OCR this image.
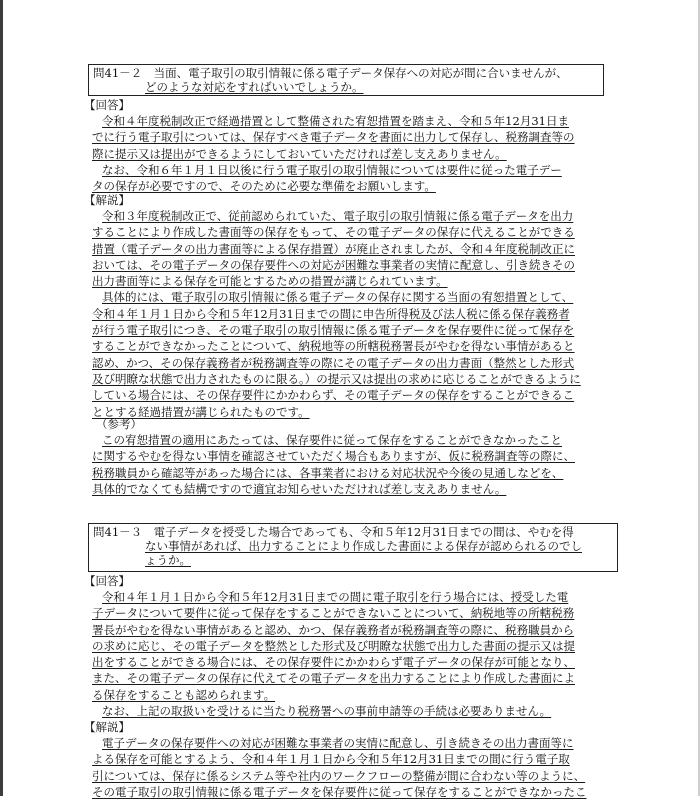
問41－２　当面、電子取引の取引情報に係る電子データ保存への対応が間に合いませんが、
どのような対応をすればいいでしょうか。
【回答】
令和４年度税制改正で経過措置として整備された宥恕措置を踏まえ、令和５年12月31日ま
でに行う電子取引については、保存すべき電子データを書面に出力して保存し、税務調査等の
際に提示又は提出ができるようにしておいていただければ差し支えありません。
なお、令和６年１月１日以後に行う電子取引の取引情報については要件に従った電子デー
タの保存が必要ですので、そのために必要な準備をお願いします。
【解説】
令和３年度税制改正で、従前認められていた、電子取引の取引情報に係る電子データを出力
することにより作成した書面等の保存をもって、その電子データの保存に代えることができる
措置（電子データの出力書面等による保存措置）が廃止されましたが、令和４年度税制改正に
おいては、その電子データの保存要件への対応が困難な事業者の実情に配意し、引き続きその
出力書面等による保存を可能とするための措置が講じられています。
具体的には、電子取引の取引情報に係る電子データの保存に関する当面の宥恕措置として、
令和４年１月１日から令和５年12月31日までの間に申告所得税及び法人税に係る保存義務者
が行う電子取引につき、その電子取引の取引情報に係る電子データを保存要件に従って保存を
することができなかったことについて、納税地等の所轄税務署長がやむを得ない事情があると
認め、かつ、その保存義務者が税務調査等の際にその電子データの出力書面（整然とした形式
及び明瞭な状態で出力されたものに限る。）の提示又は提出の求めに応じることができるように
している場合には、その保存要件にかかわらず、その電子データの保存をすることができるこ
ととする経過措置が講じられたものです。
（参考）
この宥恕措置の適用にあたっては、保存要件に従って保存をすることができなかったこと
に関するやむを得ない事情を確認させていただく場合もありますが、仮に税務調査等の際に、
税務職員から確認等があった場合には、各事業者における対応状況や今後の見通しなどを、
具体的でなくても結構ですので適宜お知らせいただければ差し支えありません。
問41－３　電子データを授受した場合であっても、令和５年12月31日までの間は、やむを得
ない事情があれば、出力することにより作成した書面による保存が認められるのでし
ょうか。
【回答】
令和４年１月１日から令和５年12月31日までの間に電子取引を行う場合には、授受した電
子データについて要件に従って保存をすることができないことについて、納税地等の所轄税務
署長がやむを得ない事情があると認め、かつ、保存義務者が税務調査等の際に、税務職員から
の求めに応じ、その電子データを整然とした形式及び明瞭な状態で出力した書面の提示又は提
出をすることができる場合には、その保存要件にかかわらず電子データの保存が可能となり、
また、その電子データの保存に代えてその電子データを出力することにより作成した書面によ
る保存をすることも認められます。
なお、上記の取扱いを受けるに当たり税務署への事前申請等の手続は必要ありません。
【解説】
電子データの保存要件への対応が困難な事業者の実情に配意し、引き続きその出力書面等に
よる保存を可能とするよう、令和４年１月１日から令和５年12月31日までの間に行う電子取
引については、保存に係るシステム等や社内のワークフローの整備が間に合わない等のように、
その電子取引の取引情報に係る電子データを保存要件に従って保存をすることができなかったこ
